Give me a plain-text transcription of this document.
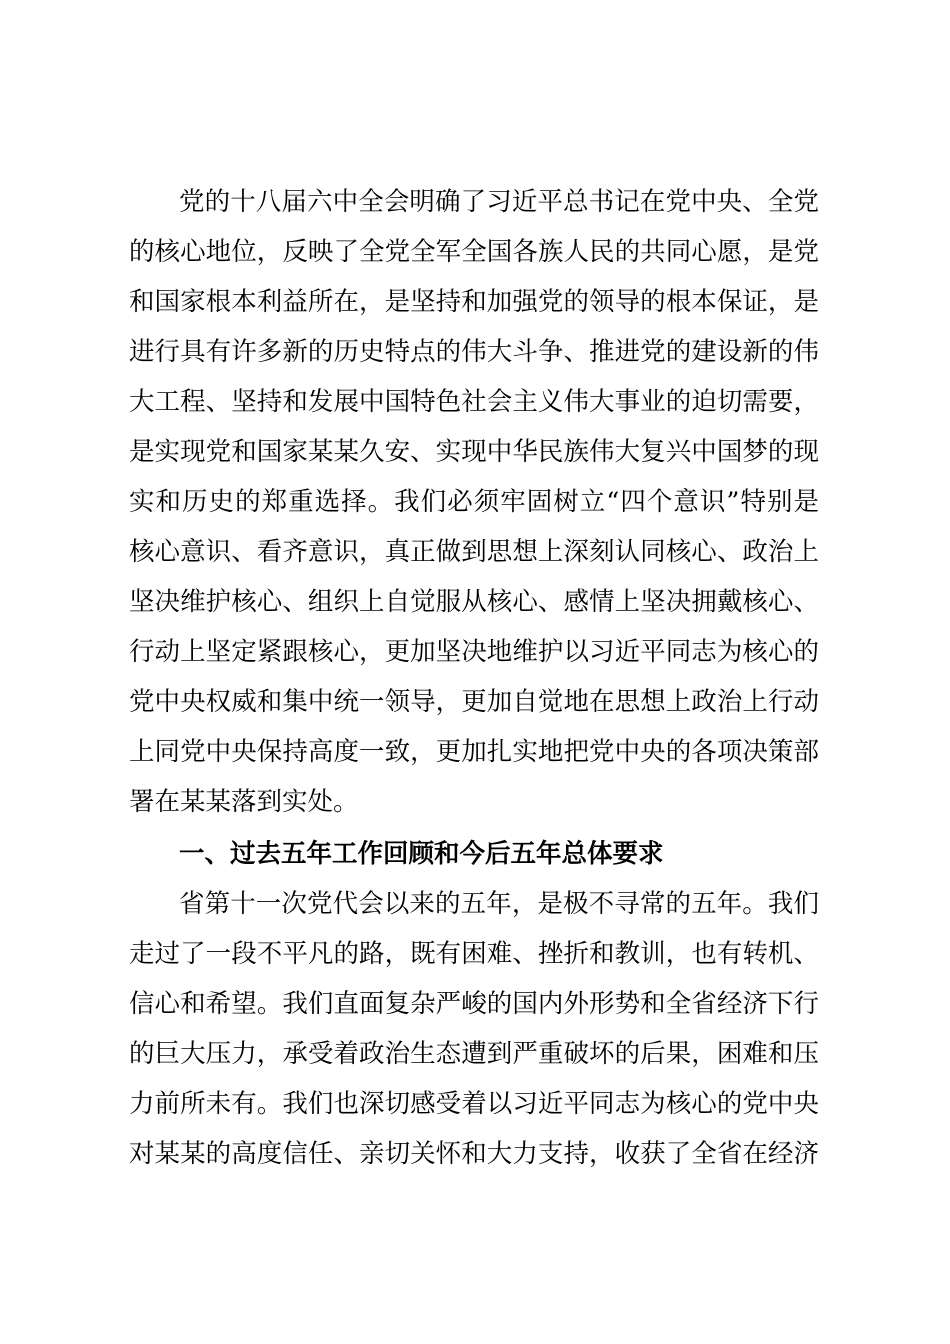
党的十八届六中全会明确了习近平总书记在党中央、全党
的核心地位，反映了全党全军全国各族人民的共同心愿，是党
和国家根本利益所在，是坚持和加强党的领导的根本保证，是
进行具有许多新的历史特点的伟大斗争、推进党的建设新的伟
大工程、坚持和发展中国特色社会主义伟大事业的迫切需要，
是实现党和国家某某久安、实现中华民族伟大复兴中国梦的现
实和历史的郑重选择。我们必须牢固树立“四个意识”特别是
核心意识、看齐意识，真正做到思想上深刻认同核心、政治上
坚决维护核心、组织上自觉服从核心、感情上坚决拥戴核心、
行动上坚定紧跟核心，更加坚决地维护以习近平同志为核心的
党中央权威和集中统一领导，更加自觉地在思想上政治上行动
上同党中央保持高度一致，更加扎实地把党中央的各项决策部
署在某某落到实处。
一、过去五年工作回顾和今后五年总体要求
省第十一次党代会以来的五年，是极不寻常的五年。我们
走过了一段不平凡的路，既有困难、挫折和教训，也有转机、
信心和希望。我们直面复杂严峻的国内外形势和全省经济下行
的巨大压力，承受着政治生态遭到严重破坏的后果，困难和压
力前所未有。我们也深切感受着以习近平同志为核心的党中央
对某某的高度信任、亲切关怀和大力支持，收获了全省在经济
